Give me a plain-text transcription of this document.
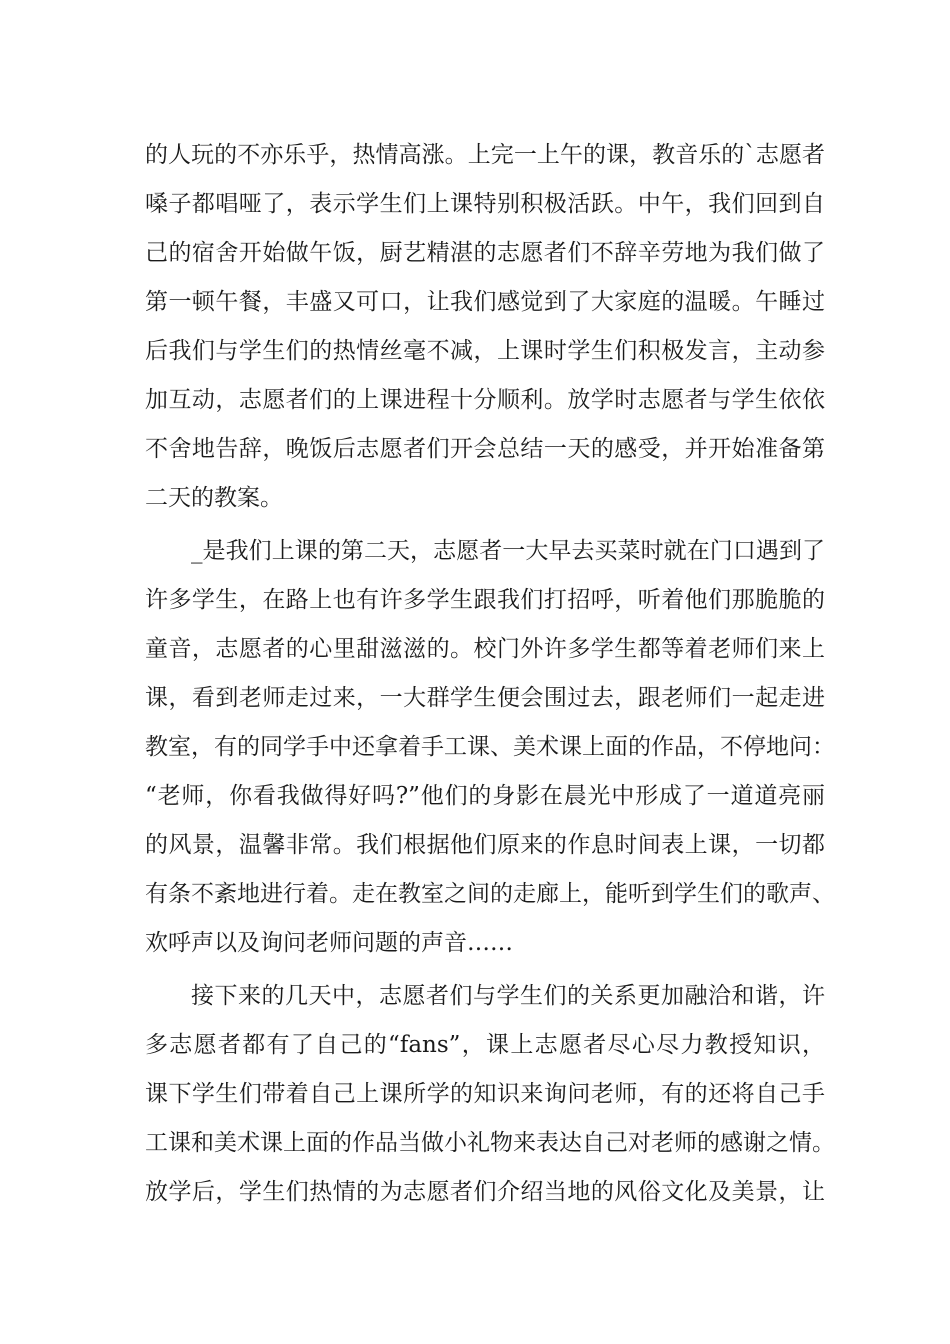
的人玩的不亦乐乎，热情高涨。上完一上午的课，教音乐的`志愿者
嗓子都唱哑了，表示学生们上课特别积极活跃。中午，我们回到自
己的宿舍开始做午饭，厨艺精湛的志愿者们不辞辛劳地为我们做了
第一顿午餐，丰盛又可口，让我们感觉到了大家庭的温暖。午睡过
后我们与学生们的热情丝毫不减，上课时学生们积极发言，主动参
加互动，志愿者们的上课进程十分顺利。放学时志愿者与学生依依
不舍地告辞，晚饭后志愿者们开会总结一天的感受，并开始准备第
二天的教案。
_是我们上课的第二天，志愿者一大早去买菜时就在门口遇到了
许多学生，在路上也有许多学生跟我们打招呼，听着他们那脆脆的
童音，志愿者的心里甜滋滋的。校门外许多学生都等着老师们来上
课，看到老师走过来，一大群学生便会围过去，跟老师们一起走进
教室，有的同学手中还拿着手工课、美术课上面的作品，不停地问：
“老师，你看我做得好吗?”他们的身影在晨光中形成了一道道亮丽
的风景，温馨非常。我们根据他们原来的作息时间表上课，一切都
有条不紊地进行着。走在教室之间的走廊上，能听到学生们的歌声、
欢呼声以及询问老师问题的声音……
接下来的几天中，志愿者们与学生们的关系更加融洽和谐，许
多志愿者都有了自己的“fans”，课上志愿者尽心尽力教授知识，
课下学生们带着自己上课所学的知识来询问老师，有的还将自己手
工课和美术课上面的作品当做小礼物来表达自己对老师的感谢之情。
放学后，学生们热情的为志愿者们介绍当地的风俗文化及美景，让
